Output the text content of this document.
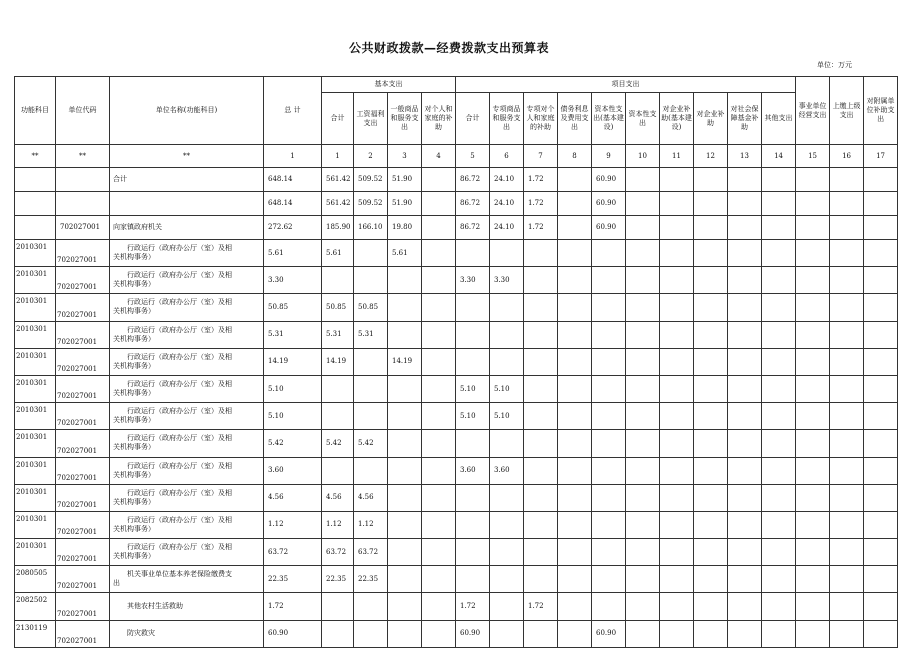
公共财政拨款—经费拨款支出预算表
单位：万元
功能科目	单位代码	单位名称(功能科目)	总 计	基本支出				项目支出										事业单位经营支出	上缴上级支出	对附属单位补助支出
				合计	工资福利支出	一般商品和服务支出	对个人和家庭的补助	合计	专项商品和服务支出	专项对个人和家庭的补助	债务利息及费用支出	资本性支出(基本建设)	资本性支出	对企业补助(基本建设)	对企业补助	对社会保障基金补助	其他支出			
**	**	**	1	1	2	3	4	5	6	7	8	9	10	11	12	13	14	15	16	17
		合计	648.14	561.42	509.52	51.90		86.72	24.10	1.72		60.90								
			648.14	561.42	509.52	51.90		86.72	24.10	1.72		60.90								
	702027001	向家镇政府机关	272.62	185.90	166.10	19.80		86.72	24.10	1.72		60.90								
2010301	702027001	行政运行（政府办公厅（室）及相
关机构事务）	5.61	5.61		5.61														
2010301	702027001	行政运行（政府办公厅（室）及相
关机构事务）	3.30					3.30	3.30											
2010301	702027001	行政运行（政府办公厅（室）及相
关机构事务）	50.85	50.85	50.85															
2010301	702027001	行政运行（政府办公厅（室）及相
关机构事务）	5.31	5.31	5.31															
2010301	702027001	行政运行（政府办公厅（室）及相
关机构事务）	14.19	14.19		14.19														
2010301	702027001	行政运行（政府办公厅（室）及相
关机构事务）	5.10					5.10	5.10											
2010301	702027001	行政运行（政府办公厅（室）及相
关机构事务）	5.10					5.10	5.10											
2010301	702027001	行政运行（政府办公厅（室）及相
关机构事务）	5.42	5.42	5.42															
2010301	702027001	行政运行（政府办公厅（室）及相
关机构事务）	3.60					3.60	3.60											
2010301	702027001	行政运行（政府办公厅（室）及相
关机构事务）	4.56	4.56	4.56															
2010301	702027001	行政运行（政府办公厅（室）及相
关机构事务）	1.12	1.12	1.12															
2010301	702027001	行政运行（政府办公厅（室）及相
关机构事务）	63.72	63.72	63.72															
2080505	702027001	机关事业单位基本养老保险缴费支
出	22.35	22.35	22.35															
2082502	702027001	其他农村生活救助	1.72					1.72		1.72										
2130119	702027001	防灾救灾	60.90					60.90				60.90								
